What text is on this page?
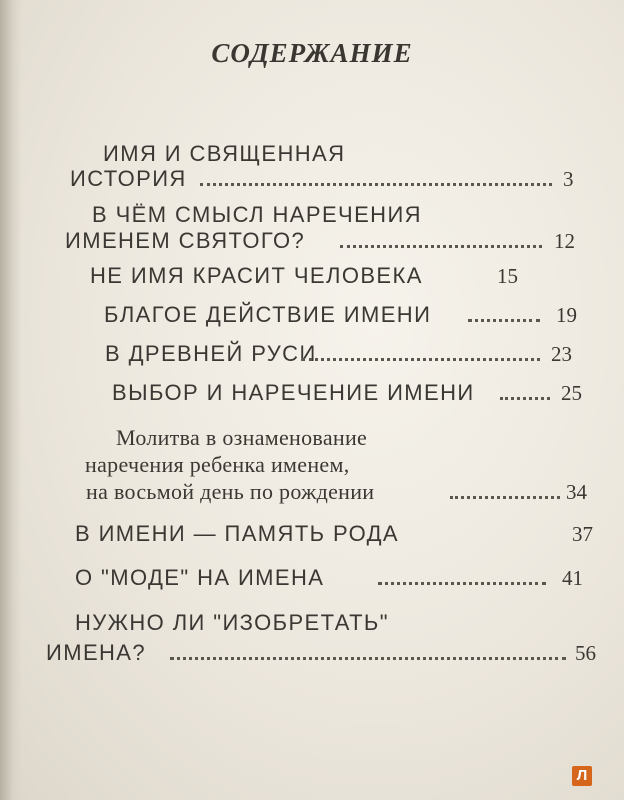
СОДЕРЖАНИЕ
ИМЯ И СВЯЩЕННАЯ
ИСТОРИЯ	3
В ЧЁМ СМЫСЛ НАРЕЧЕНИЯ
ИМЕНЕМ СВЯТОГО?	12
НЕ ИМЯ КРАСИТ ЧЕЛОВЕКА	15
БЛАГОЕ ДЕЙСТВИЕ ИМЕНИ	19
В ДРЕВНЕЙ РУСИ	23
ВЫБОР И НАРЕЧЕНИЕ ИМЕНИ	25
Молитва в ознаменование
наречения ребенка именем,
на восьмой день по рождении	34
В ИМЕНИ — ПАМЯТЬ РОДА	37
О "МОДЕ" НА ИМЕНА	41
НУЖНО ЛИ "ИЗОБРЕТАТЬ"
ИМЕНА?	56
Л
